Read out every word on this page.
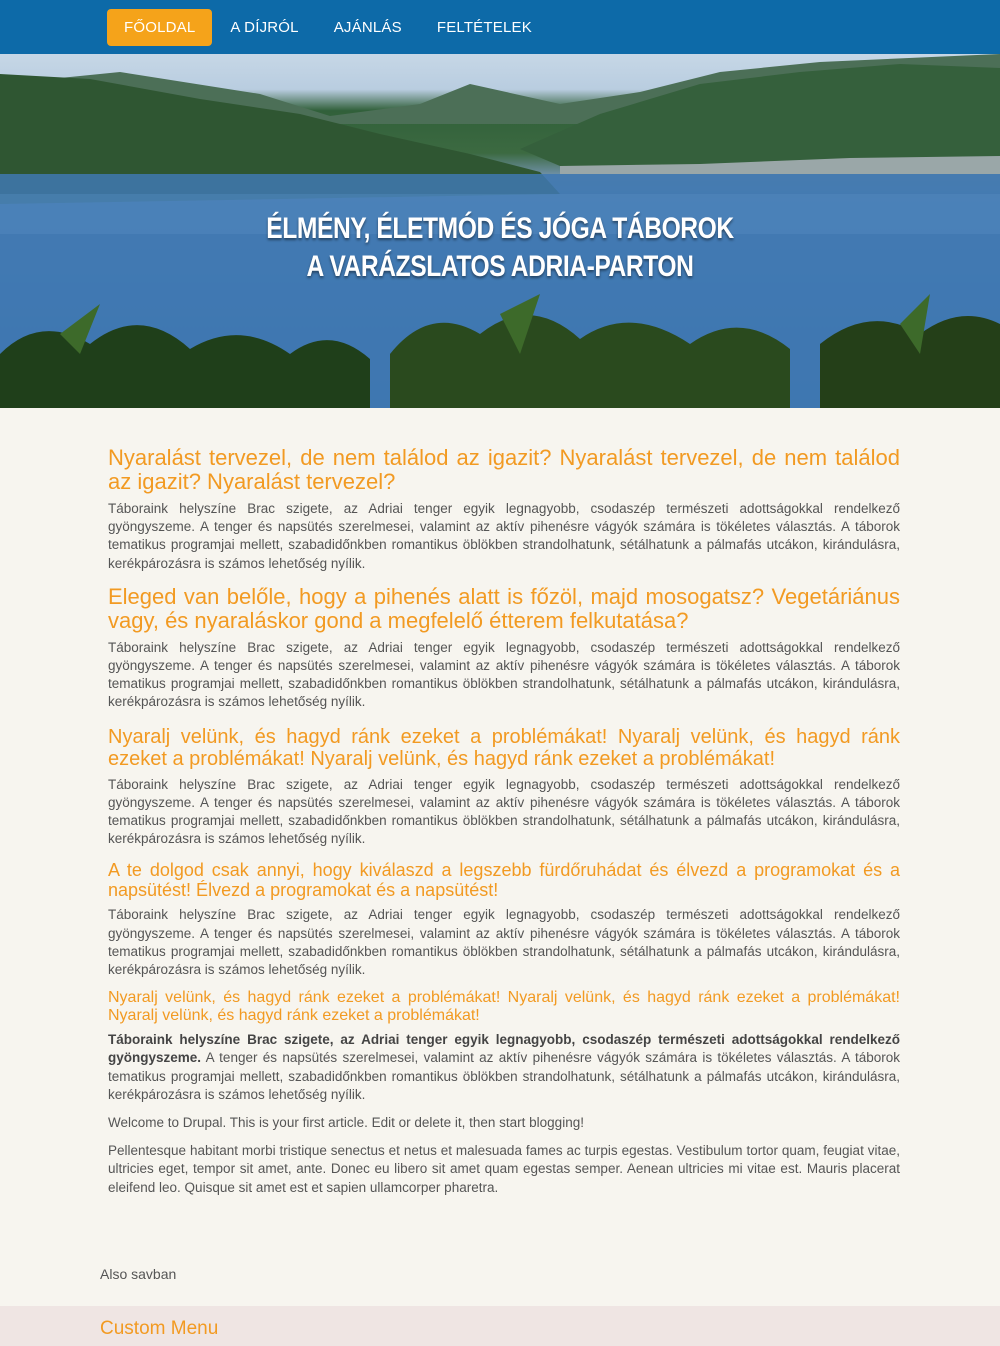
FŐOLDAL	A DÍJRÓL	AJÁNLÁS	FELTÉTELEK
ÉLMÉNY, ÉLETMÓD ÉS JÓGA TÁBOROK
A VARÁZSLATOS ADRIA-PARTON
Nyaralást tervezel, de nem találod az igazit? Nyaralást tervezel, de nem találod az igazit? Nyaralást tervezel?

Táboraink helyszíne Brac szigete, az Adriai tenger egyik legnagyobb, csodaszép természeti adottságokkal rendelkező gyöngyszeme. A tenger és napsütés szerelmesei, valamint az aktív pihenésre vágyók számára is tökéletes választás. A táborok tematikus programjai mellett, szabadidőnkben romantikus öblökben strandolhatunk, sétálhatunk a pálmafás utcákon, kirándulásra, kerékpározásra is számos lehetőség nyílik.

Eleged van belőle, hogy a pihenés alatt is főzöl, majd mosogatsz? Vegetáriánus vagy, és nyaraláskor gond a megfelelő étterem felkutatása?

Táboraink helyszíne Brac szigete, az Adriai tenger egyik legnagyobb, csodaszép természeti adottságokkal rendelkező gyöngyszeme. A tenger és napsütés szerelmesei, valamint az aktív pihenésre vágyók számára is tökéletes választás. A táborok tematikus programjai mellett, szabadidőnkben romantikus öblökben strandolhatunk, sétálhatunk a pálmafás utcákon, kirándulásra, kerékpározásra is számos lehetőség nyílik.

Nyaralj velünk, és hagyd ránk ezeket a problémákat! Nyaralj velünk, és hagyd ránk ezeket a problémákat! Nyaralj velünk, és hagyd ránk ezeket a problémákat!

Táboraink helyszíne Brac szigete, az Adriai tenger egyik legnagyobb, csodaszép természeti adottságokkal rendelkező gyöngyszeme. A tenger és napsütés szerelmesei, valamint az aktív pihenésre vágyók számára is tökéletes választás. A táborok tematikus programjai mellett, szabadidőnkben romantikus öblökben strandolhatunk, sétálhatunk a pálmafás utcákon, kirándulásra, kerékpározásra is számos lehetőség nyílik.

A te dolgod csak annyi, hogy kiválaszd a legszebb fürdőruhádat és élvezd a programokat és a napsütést! Élvezd a programokat és a napsütést!

Táboraink helyszíne Brac szigete, az Adriai tenger egyik legnagyobb, csodaszép természeti adottságokkal rendelkező gyöngyszeme. A tenger és napsütés szerelmesei, valamint az aktív pihenésre vágyók számára is tökéletes választás. A táborok tematikus programjai mellett, szabadidőnkben romantikus öblökben strandolhatunk, sétálhatunk a pálmafás utcákon, kirándulásra, kerékpározásra is számos lehetőség nyílik.

Nyaralj velünk, és hagyd ránk ezeket a problémákat! Nyaralj velünk, és hagyd ránk ezeket a problémákat! Nyaralj velünk, és hagyd ránk ezeket a problémákat!

Táboraink helyszíne Brac szigete, az Adriai tenger egyik legnagyobb, csodaszép természeti adottságokkal rendelkező gyöngyszeme. A tenger és napsütés szerelmesei, valamint az aktív pihenésre vágyók számára is tökéletes választás. A táborok tematikus programjai mellett, szabadidőnkben romantikus öblökben strandolhatunk, sétálhatunk a pálmafás utcákon, kirándulásra, kerékpározásra is számos lehetőség nyílik.

Welcome to Drupal. This is your first article. Edit or delete it, then start blogging!

Pellentesque habitant morbi tristique senectus et netus et malesuada fames ac turpis egestas. Vestibulum tortor quam, feugiat vitae, ultricies eget, tempor sit amet, ante. Donec eu libero sit amet quam egestas semper. Aenean ultricies mi vitae est. Mauris placerat eleifend leo. Quisque sit amet est et sapien ullamcorper pharetra.

Also savban
Custom Menu
